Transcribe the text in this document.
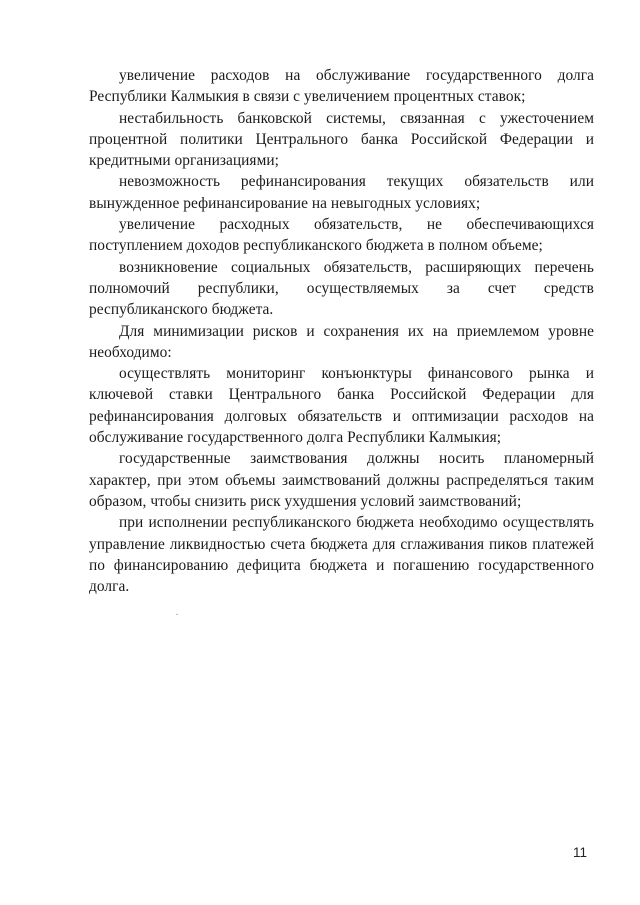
увеличение расходов на обслуживание государственного долга Республики Калмыкия в связи с увеличением процентных ставок;

нестабильность банковской системы, связанная с ужесточением процентной политики Центрального банка Российской Федерации и кредитными организациями;

невозможность рефинансирования текущих обязательств или вынужденное рефинансирование на невыгодных условиях;

увеличение расходных обязательств, не обеспечивающихся поступлением доходов республиканского бюджета в полном объеме;

возникновение социальных обязательств, расширяющих перечень полномочий республики, осуществляемых за счет средств республиканского бюджета.

Для минимизации рисков и сохранения их на приемлемом уровне необходимо:

осуществлять мониторинг конъюнктуры финансового рынка и ключевой ставки Центрального банка Российской Федерации для рефинансирования долговых обязательств и оптимизации расходов на обслуживание государственного долга Республики Калмыкия;

государственные заимствования должны носить планомерный характер, при этом объемы заимствований должны распределяться таким образом, чтобы снизить риск ухудшения условий заимствований;

при исполнении республиканского бюджета необходимо осуществлять управление ликвидностью счета бюджета для сглаживания пиков платежей по финансированию дефицита бюджета и погашению государственного долга.

11
